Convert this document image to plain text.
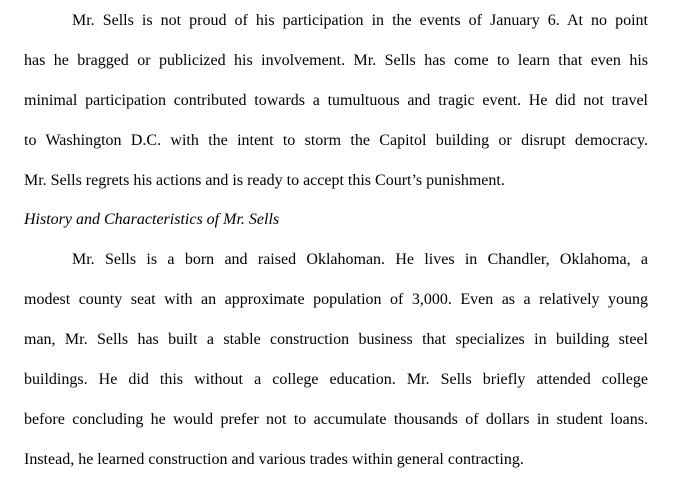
Mr. Sells is not proud of his participation in the events of January 6. At no point
has he bragged or publicized his involvement. Mr. Sells has come to learn that even his
minimal participation contributed towards a tumultuous and tragic event. He did not travel
to Washington D.C. with the intent to storm the Capitol building or disrupt democracy.
Mr. Sells regrets his actions and is ready to accept this Court’s punishment.
History and Characteristics of Mr. Sells
Mr. Sells is a born and raised Oklahoman. He lives in Chandler, Oklahoma, a
modest county seat with an approximate population of 3,000. Even as a relatively young
man, Mr. Sells has built a stable construction business that specializes in building steel
buildings. He did this without a college education. Mr. Sells briefly attended college
before concluding he would prefer not to accumulate thousands of dollars in student loans.
Instead, he learned construction and various trades within general contracting.
